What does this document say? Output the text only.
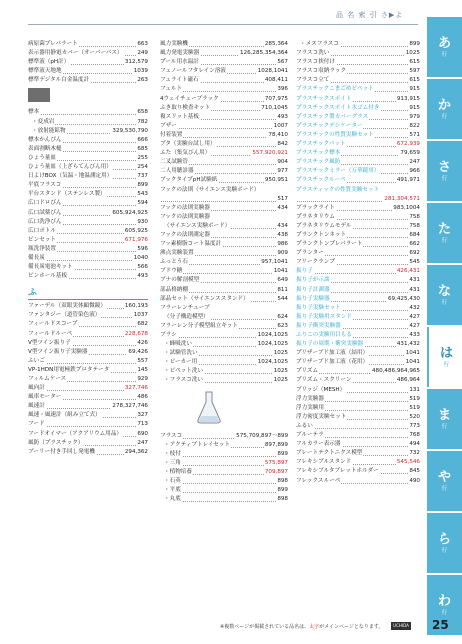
品 名 索 引 さ▶よ
病原菌プレパラート	663
表示器用静電カバー（オーバーパス）	249
標準液（pH計）	312,579
標準液天地地	1039
標準デジタル白金温度計	263
標本	658
・変成岩	782
・放射能鉱物	329,530,790
標本かんぴん	666
表面割断木槌	685
ひょう量皿	255
ひょう量皿（上ざらてんびん用）	254
日よけBOX（気温・地温測定用）	737
平底フラスコ	899
平台スタンド（ステンレス製）	543
広口ドロびん	594
広口試薬びん	605,924,925
広口洗浄びん	930
広口ポトル	605,925
ピンセット	671,976
瓶洗浄装置	596
備長炭	1040
備長炭電池キット	566
ピンホール基板	493
ふ
ファーデル（双眼実体顕微鏡）	160,193
ファンタジー（道管染色液）	1037
フィールドスコープ	682
フィールドルーペ	228,678
V型ツイン振り子	426
V型ツイン振り子実験器	69,426
ふいご	557
VP-1HDN用電極鉄プロタテータ	145
フィルムケース	929
風向計	327,746
風車モーター	486
風速計	278,327,746
風速・風速計（組み立て式）	327
フード	713
フードオイマー（アクアリウム用品）	690
風防（プラスチック）	247
ブーリー付き手回し発電機	294,362
風力実験機	285,364
風力発電実験器	126,285,354,364
プール用水温計	567
フェノールフタレイン溶液	1028,1041
フェライト磁石	408,411
フェルト	396
4ウェイチェーブラック	707,975
ふき取り検査キット	710,1045
複スリット基板	493
ブザー	1007
付着装置	78,410
ブタ（実験台試し用）	842
ふた（集気びん用）	557,920,921
二叉試験管	904
二人用聴診器	977
ブックタイプpH試験紙	950,951
フックの法則（サイエンス実験ボード）
517
フックの法則実験器	434
フックの法則実験器
（サイエンス実験ボード）	434
フックの法則測定器	438
フッ素樹脂コート温度計	986
沸点実験装置	909
ふっとう石	957,1041
ブドウ糖	1041
ブナの解剖模型	649
部品格納棚	811
部品セット（サイエンススタンド）	544
フラーレンチューブ
（分子構造模型）	624
フラーレン分子模型組立キット	623
ブラシ	1024,1025
・蜂吸洗い	1024,1025
・試験管洗い	1025
・ビーカー用	1024,1025
・ビペット洗い	1025
・フラスコ洗い	1025
フラスコ	575,709,897〜899
・アクティブトレイセット	897,899
・枝付	899
・三角	575,897
・植物培養	709,897
・石英	898
・平底	899
・丸底	898
・メスフラスコ	899
フラスコ洗い	1025
フラスコ挟付け	615
フラスコ収納ラック	597
フラスコ立て	615
プラスチックこまごめピペット	915
プラスチックスポイト	913,915
プラスチックスポイト水ゴム付き	915
プラスチック製カバーグラス	979
プラスチックデシケーター	822
プラスチックの性質実験セット	571
プラスチックバット	672,939
プラスチック標本	79,659
プラスチック風防	247
プラスチックミラー（万華鏡用）	966
プラスチックルーペ	491,971
プラスティックの性質実験セット
281,304,571
ブラックライト	983,1004
プラネタリウム	758
プラネタリウムモデル	758
プランクトンネット	684
プランクトンプレパラート	662
プランター	692
フリークランプ	545
振り子	426,431
振り子が示談	431
振り子計測器	431
振り子実験器	69,425,430
振り子実験セット	432
振り子実験用スタンド	427
振り子衝突実験器	427
ふりこの実験用目もる	433
振り子の周期・衝突実験器	431,432
プリザーブド加工液（結用）	1041
プリザーブド加工液（花用）	1041
プリズム	480,486,964,965
プリズム・スクリーン	486,964
ブリッジ（MESH）	131
浮力実験器	519
浮力実験用	519
浮力密度実験セット	520
ふるい	773
ブルーテラ	768
フルカラー表示器	494
ブレートテクトニクス模型	732
フレキシブルスタンド	545,546
フレキシブルタブレットホルダー	845
フレックスルーペ	490
あ
行
か
行
さ
行
た
行
な
行
は
行
ま
行
や
行
ら
行
わ
行
※複数ページが掲載されている品名は、太字がメインページとなります。	UCHIDA 25
